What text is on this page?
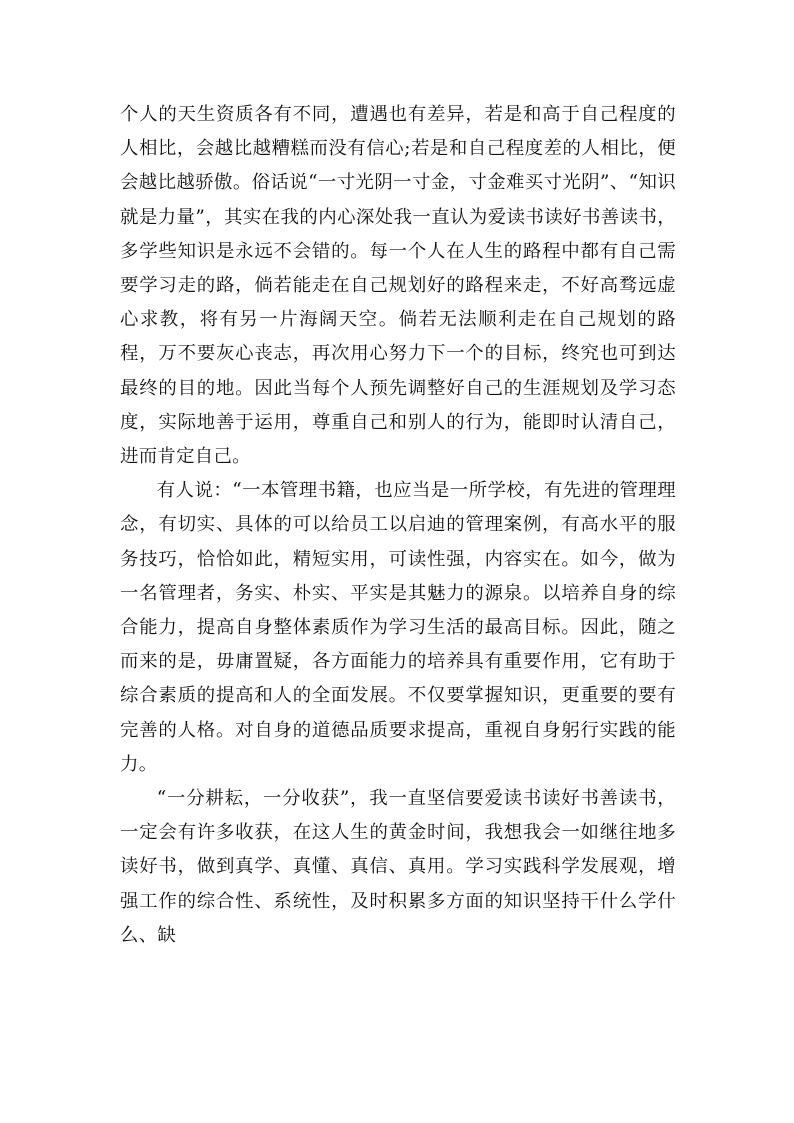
个人的天生资质各有不同，遭遇也有差异，若是和高于自己程度的人相比，会越比越糟糕而没有信心;若是和自己程度差的人相比，便会越比越骄傲。俗话说“一寸光阴一寸金，寸金难买寸光阴”、“知识就是力量”，其实在我的内心深处我一直认为爱读书读好书善读书，多学些知识是永远不会错的。每一个人在人生的路程中都有自己需要学习走的路，倘若能走在自己规划好的路程来走，不好高骛远虚心求教，将有另一片海阔天空。倘若无法顺利走在自己规划的路程，万不要灰心丧志，再次用心努力下一个的目标，终究也可到达最终的目的地。因此当每个人预先调整好自己的生涯规划及学习态度，实际地善于运用，尊重自己和别人的行为，能即时认清自己，进而肯定自己。

有人说：“一本管理书籍，也应当是一所学校，有先进的管理理念，有切实、具体的可以给员工以启迪的管理案例，有高水平的服务技巧，恰恰如此，精短实用，可读性强，内容实在。如今，做为一名管理者，务实、朴实、平实是其魅力的源泉。以培养自身的综合能力，提高自身整体素质作为学习生活的最高目标。因此，随之而来的是，毋庸置疑，各方面能力的培养具有重要作用，它有助于综合素质的提高和人的全面发展。不仅要掌握知识，更重要的要有完善的人格。对自身的道德品质要求提高，重视自身躬行实践的能力。

“一分耕耘，一分收获”，我一直坚信要爱读书读好书善读书，一定会有许多收获，在这人生的黄金时间，我想我会一如继往地多读好书，做到真学、真懂、真信、真用。学习实践科学发展观，增强工作的综合性、系统性，及时积累多方面的知识坚持干什么学什么、缺
